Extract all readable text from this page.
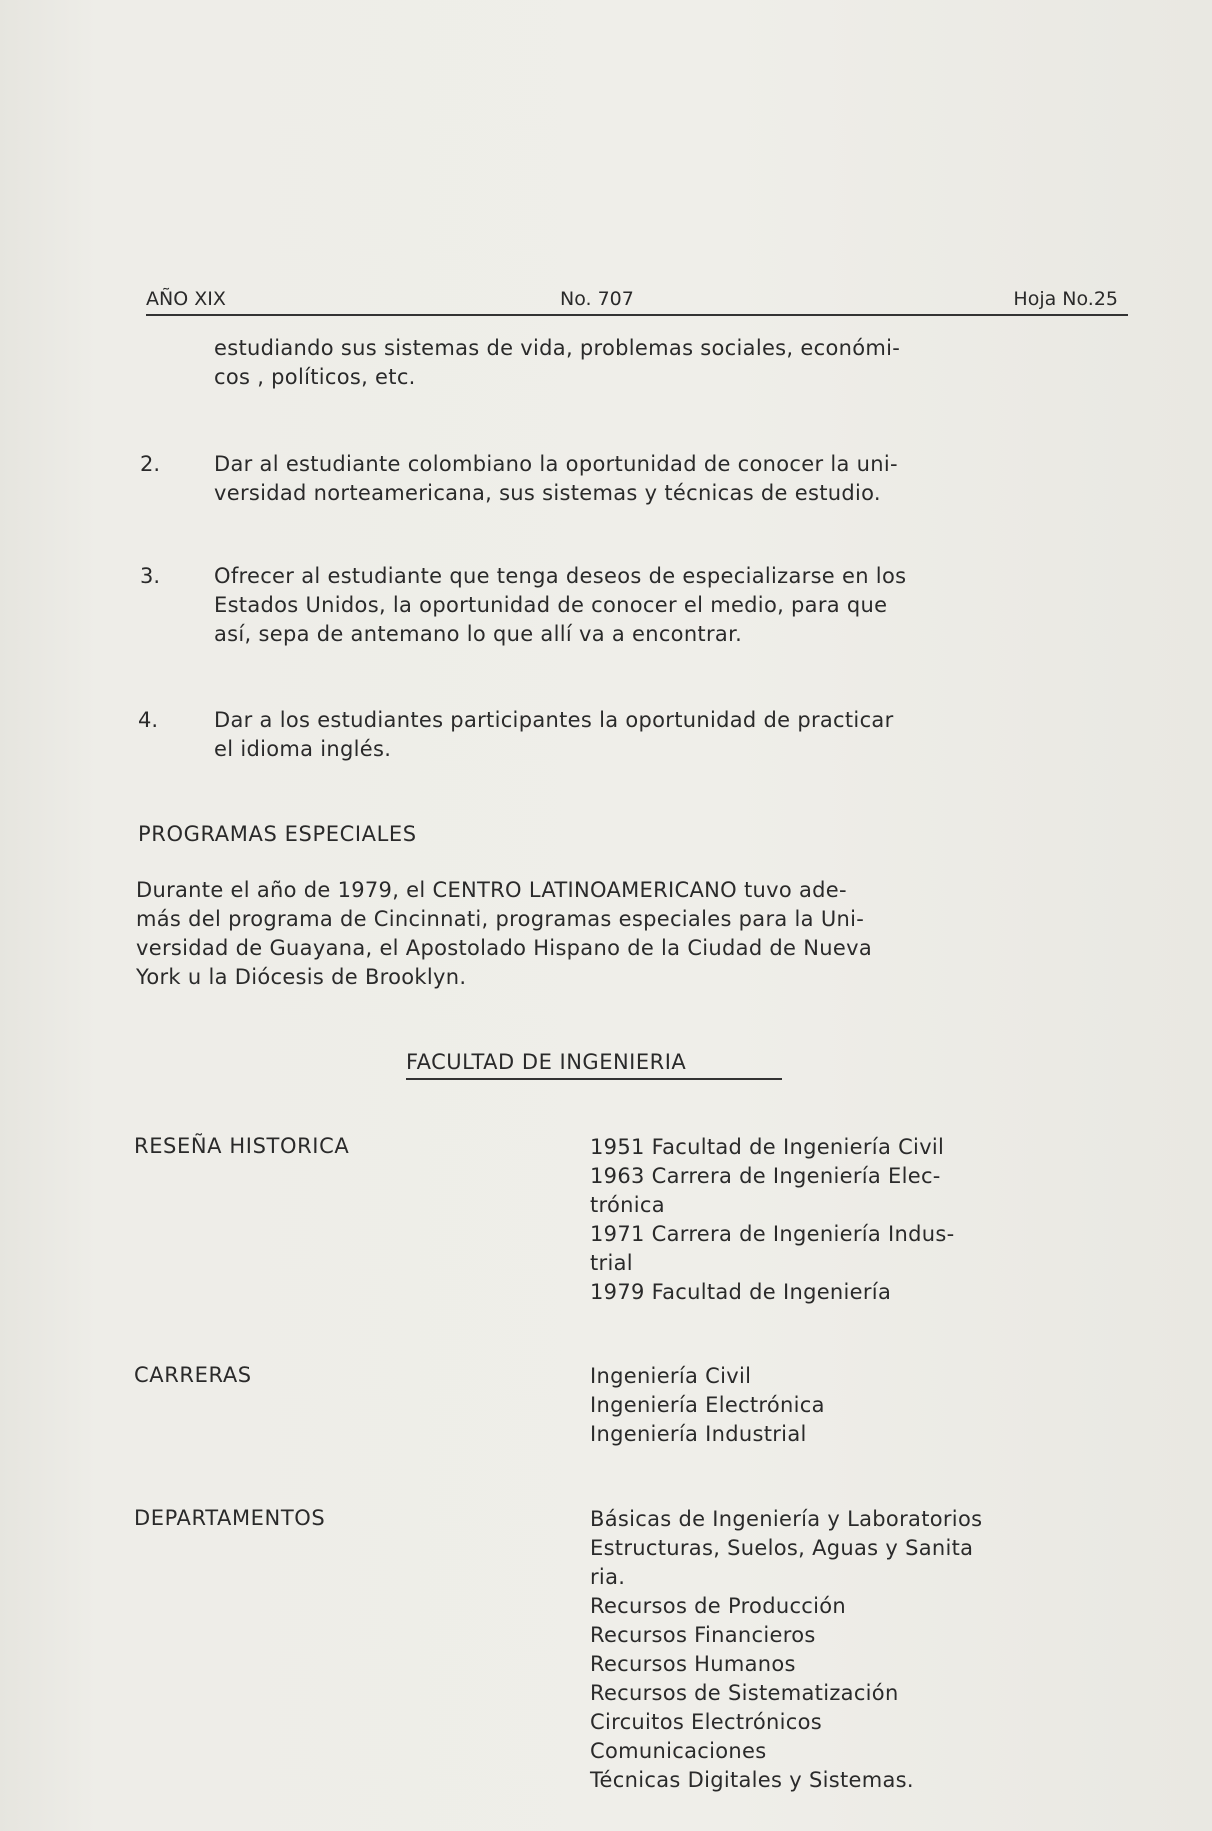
AÑO XIX	No. 707	Hoja No.25
estudiando sus sistemas de vida, problemas sociales, económi-
cos , políticos, etc.
2.	Dar al estudiante colombiano la oportunidad de conocer la uni-
versidad norteamericana, sus sistemas y técnicas de estudio.
3.	Ofrecer al estudiante que tenga deseos de especializarse en los
Estados Unidos, la oportunidad de conocer el medio, para que
así, sepa de antemano lo que allí va a encontrar.
4.	Dar a los estudiantes participantes la oportunidad de practicar
el idioma inglés.
PROGRAMAS ESPECIALES
Durante el año de 1979, el CENTRO LATINOAMERICANO tuvo ade-
más del programa de Cincinnati, programas especiales para la Uni-
versidad de Guayana, el Apostolado Hispano de la Ciudad de Nueva
York u la Diócesis de Brooklyn.
FACULTAD DE INGENIERIA
RESEÑA HISTORICA	1951 Facultad de Ingeniería Civil
1963 Carrera de Ingeniería Elec-
trónica
1971 Carrera de Ingeniería Indus-
trial
1979 Facultad de Ingeniería
CARRERAS	Ingeniería Civil
Ingeniería Electrónica
Ingeniería Industrial
DEPARTAMENTOS	Básicas de Ingeniería y Laboratorios
Estructuras, Suelos, Aguas y Sanita
ria.
Recursos de Producción
Recursos Financieros
Recursos Humanos
Recursos de Sistematización
Circuitos Electrónicos
Comunicaciones
Técnicas Digitales y Sistemas.
